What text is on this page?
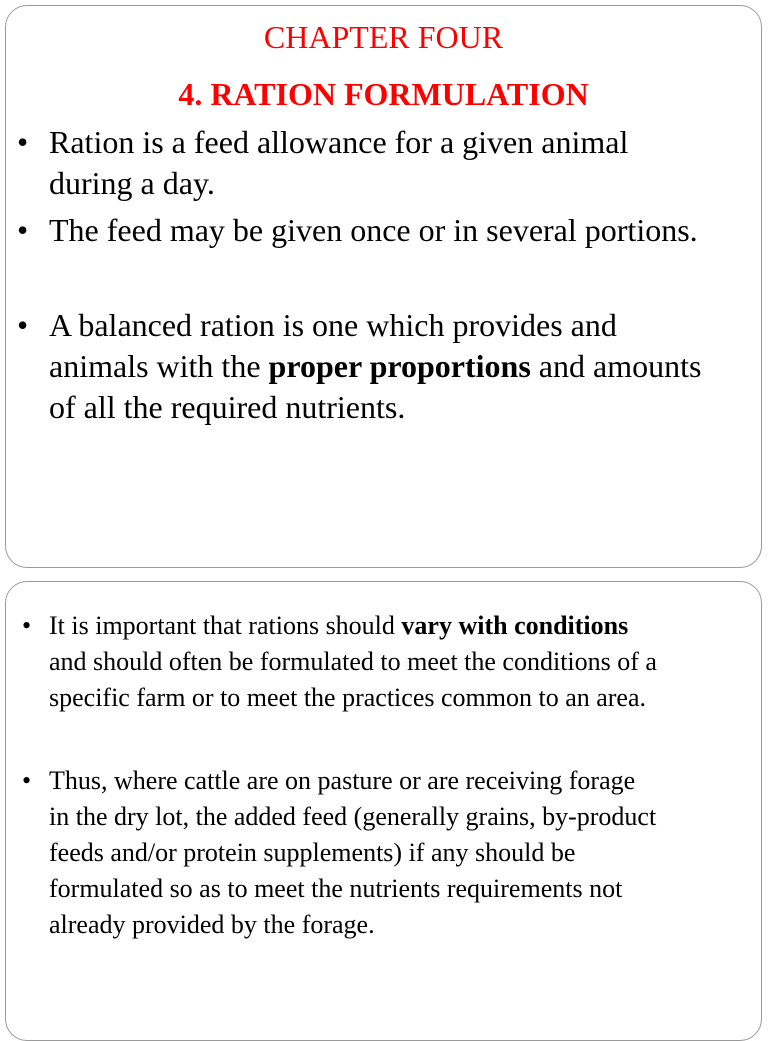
CHAPTER FOUR
4. RATION FORMULATION
• Ration is a feed allowance for a given animal
during a day.
• The feed may be given once or in several portions.
• A balanced ration is one which provides and
animals with the proper proportions and amounts
of all the required nutrients.
• It is important that rations should vary with conditions
and should often be formulated to meet the conditions of a
specific farm or to meet the practices common to an area.
• Thus, where cattle are on pasture or are receiving forage
in the dry lot, the added feed (generally grains, by-product
feeds and/or protein supplements) if any should be
formulated so as to meet the nutrients requirements not
already provided by the forage.
